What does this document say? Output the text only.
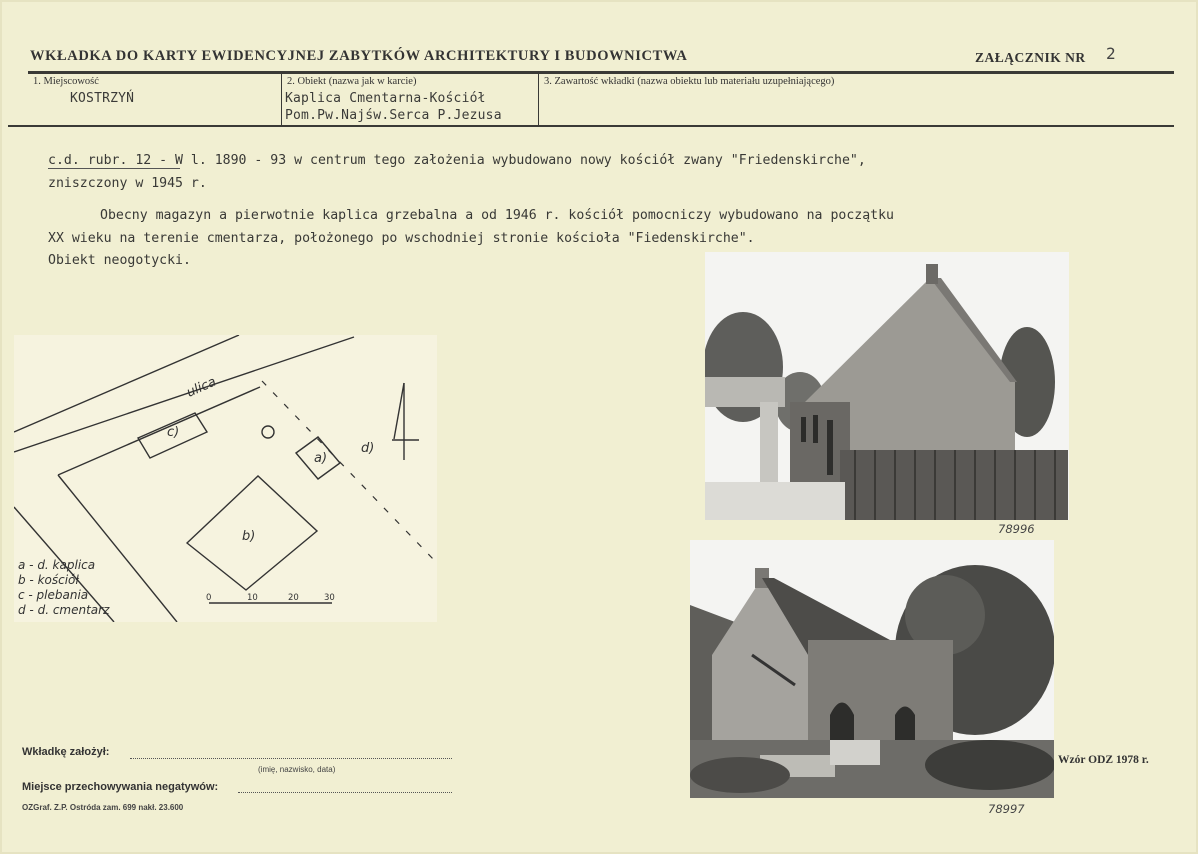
WKŁADKA DO KARTY EWIDENCYJNEJ ZABYTKÓW ARCHITEKTURY I BUDOWNICTWA	ZAŁĄCZNIK NR 2
1. Miejscowość
KOSTRZYŃ
2. Obiekt (nazwa jak w karcie)
Kaplica Cmentarna-Kościół
Pom.Pw.Najśw.Serca P.Jezusa
3. Zawartość wkładki (nazwa obiektu lub materiału uzupełniającego)
c.d. rubr. 12 - W l. 1890 - 93 w centrum tego założenia wybudowano nowy kościół zwany "Friedenskirche",
zniszczony w 1945 r.
Obecny magazyn a pierwotnie kaplica grzebalna a od 1946 r. kościół pomocniczy wybudowano na początku
XX wieku na terenie cmentarza, położonego po wschodniej stronie kościoła "Fiedenskirche".
Obiekt neogotycki.
ulica
c)
a)
b)
d)
0	10	20	30
a - d. kaplica
b - kościół
c - plebania
d - d. cmentarz
78996
78997
Wkładkę założył:
(imię, nazwisko, data)
Miejsce przechowywania negatywów:
OZGraf. Z.P. Ostróda zam. 699 nakł. 23.600
Wzór ODZ 1978 r.
